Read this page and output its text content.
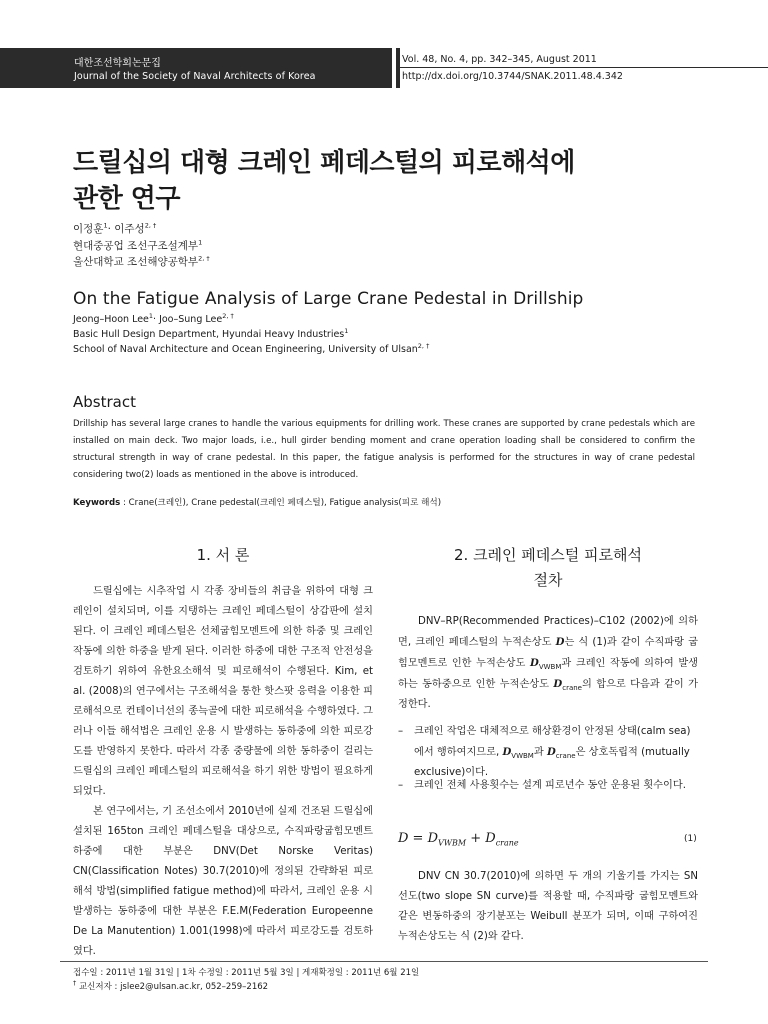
대한조선학회논문집
Journal of the Society of Naval Architects of Korea
Vol. 48, No. 4, pp. 342–345, August 2011
http://dx.doi.org/10.3744/SNAK.2011.48.4.342
드릴십의 대형 크레인 페데스털의 피로해석에
관한 연구
이정훈$^1$· 이주성$^{2, \dagger}$
현대중공업 조선구조설계부$^1$
울산대학교 조선해양공학부$^{2, \dagger}$
On the Fatigue Analysis of Large Crane Pedestal in Drillship
Jeong–Hoon Lee$^1$· Joo–Sung Lee$^{2, \dagger}$
Basic Hull Design Department, Hyundai Heavy Industries$^1$
School of Naval Architecture and Ocean Engineering, University of Ulsan$^{2, \dagger}$
Abstract
Drillship has several large cranes to handle the various equipments for drilling work. These cranes are supported by crane pedestals which are installed on main deck. Two major loads, i.e., hull girder bending moment and crane operation loading shall be considered to confirm the structural strength in way of crane pedestal. In this paper, the fatigue analysis is performed for the structures in way of crane pedestal considering two(2) loads as mentioned in the above is introduced.
Keywords : Crane(크레인), Crane pedestal(크레인 페데스털), Fatigue analysis(피로 해석)
1. 서 론

드릴십에는 시추작업 시 각종 장비들의 취급을 위하여 대형 크레인이 설치되며, 이를 지탱하는 크레인 페데스털이 상갑판에 설치된다. 이 크레인 페데스털은 선체굽힘모멘트에 의한 하중 및 크레인 작동에 의한 하중을 받게 된다. 이러한 하중에 대한 구조적 안전성을 검토하기 위하여 유한요소해석 및 피로해석이 수행된다. Kim, et al. (2008)의 연구에서는 구조해석을 통한 핫스팟 응력을 이용한 피로해석으로 컨테이너선의 종늑골에 대한 피로해석을 수행하였다. 그러나 이들 해석법은 크레인 운용 시 발생하는 동하중에 의한 피로강도를 반영하지 못한다. 따라서 각종 중량물에 의한 동하중이 걸리는 드릴십의 크레인 페데스털의 피로해석을 하기 위한 방법이 필요하게 되었다.

본 연구에서는, 기 조선소에서 2010년에 실제 건조된 드릴십에 설치된 165ton 크레인 페데스털을 대상으로, 수직파랑굽힘모멘트 하중에 대한 부분은 DNV(Det Norske Veritas) CN(Classification Notes) 30.7(2010)에 정의된 간략화된 피로해석 방법(simplified fatigue method)에 따라서, 크레인 운용 시 발생하는 동하중에 대한 부분은 F.E.M(Federation Europeenne De La Manutention) 1.001(1998)에 따라서 피로강도를 검토하였다.

2. 크레인 페데스털 피로해석
절차

DNV–RP(Recommended Practices)–C102 (2002)에 의하면, 크레인 페데스털의 누적손상도 D는 식 (1)과 같이 수직파랑 굽힘모멘트로 인한 누적손상도 $D_{VWBM}$과 크레인 작동에 의하여 발생하는 동하중으로 인한 누적손상도 $D_{crane}$의 합으로 다음과 같이 가정한다.

– 크레인 작업은 대체적으로 해상환경이 안정된 상태(calm sea)에서 행하여지므로, $D_{VWBM}$과 $D_{crane}$은 상호독립적 (mutually exclusive)이다.
– 크레인 전체 사용횟수는 설계 피로년수 동안 운용된 횟수이다.
$D = D_{VWBM} + D_{crane}$	(1)

DNV CN 30.7(2010)에 의하면 두 개의 기울기를 가지는 SN 선도(two slope SN curve)를 적용할 때, 수직파랑 굽힘모멘트와 같은 변동하중의 장기분포는 Weibull 분포가 되며, 이때 구하여진 누적손상도는 식 (2)와 같다.

접수일 : 2011년 1월 31일 | 1차 수정일 : 2011년 5월 3일 | 게재확정일 : 2011년 6월 21일
† 교신저자 : jslee2@ulsan.ac.kr, 052–259–2162
